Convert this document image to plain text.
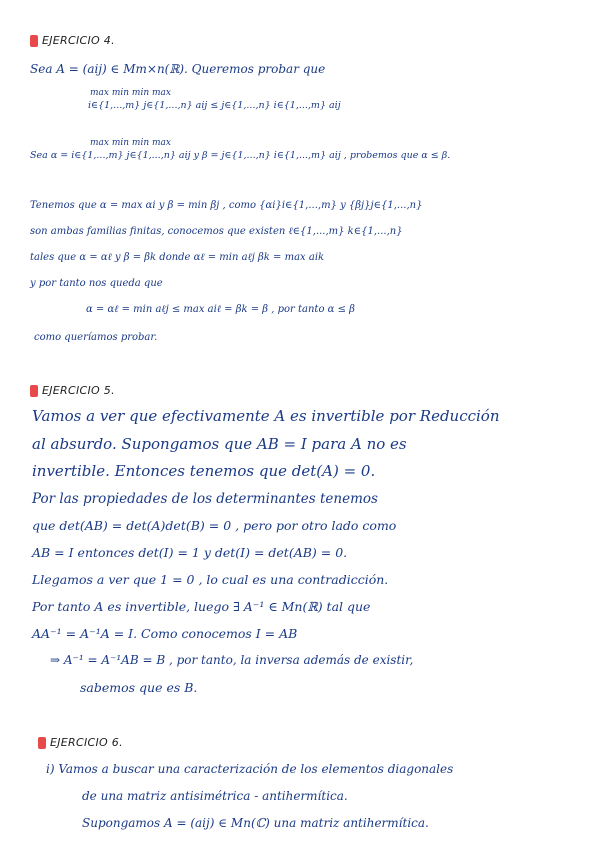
EJERCICIO 4.
Sea A = (aij) ∈ Mm×n(ℝ). Queremos probar que
max min min max
i∈{1,...,m} j∈{1,...,n} aij ≤ j∈{1,...,n} i∈{1,...,m} aij
max min min max
Sea α = i∈{1,...,m} j∈{1,...,n} aij y β = j∈{1,...,n} i∈{1,...,m} aij , probemos que α ≤ β.
Tenemos que α = max αi y β = min βj , como {αi}i∈{1,...,m} y {βj}j∈{1,...,n}
son ambas familias finitas, conocemos que existen ℓ∈{1,...,m} k∈{1,...,n}
tales que α = αℓ y β = βk donde αℓ = min aℓj βk = max aik
y por tanto nos queda que
α = αℓ = min aℓj ≤ max aiℓ = βk = β , por tanto α ≤ β
como queríamos probar.
EJERCICIO 5.
Vamos a ver que efectivamente A es invertible por Reducción
al absurdo. Supongamos que AB = I para A no es
invertible. Entonces tenemos que det(A) = 0.
Por las propiedades de los determinantes tenemos
que det(AB) = det(A)det(B) = 0 , pero por otro lado como
AB = I entonces det(I) = 1 y det(I) = det(AB) = 0.
Llegamos a ver que 1 = 0 , lo cual es una contradicción.
Por tanto A es invertible, luego ∃ A⁻¹ ∈ Mn(ℝ) tal que
AA⁻¹ = A⁻¹A = I. Como conocemos I = AB
⇒ A⁻¹ = A⁻¹AB = B , por tanto, la inversa además de existir,
sabemos que es B.
EJERCICIO 6.
i) Vamos a buscar una caracterización de los elementos diagonales
de una matriz antisimétrica - antihermítica.
Supongamos A = (aij) ∈ Mn(ℂ) una matriz antihermítica.
